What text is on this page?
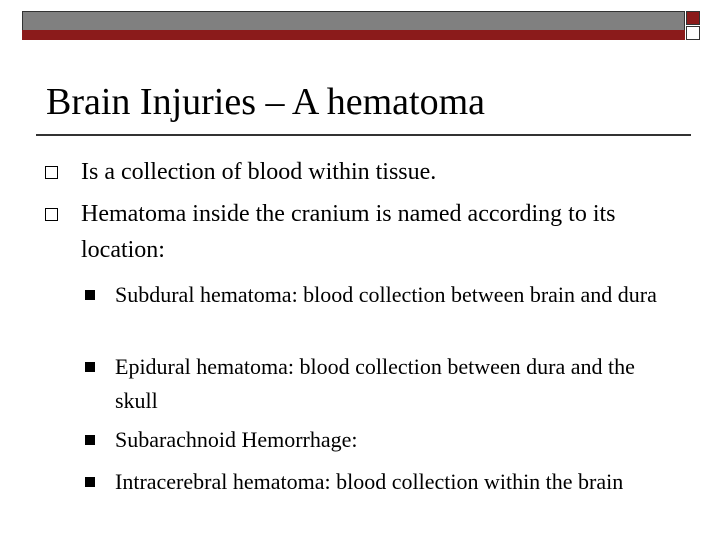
Brain Injuries – A hematoma
Is a collection of blood within tissue.
Hematoma inside the cranium is named according to its location:
Subdural hematoma: blood collection between brain and dura
Epidural hematoma: blood collection between dura and the skull
Subarachnoid Hemorrhage:
Intracerebral hematoma: blood collection within the brain
